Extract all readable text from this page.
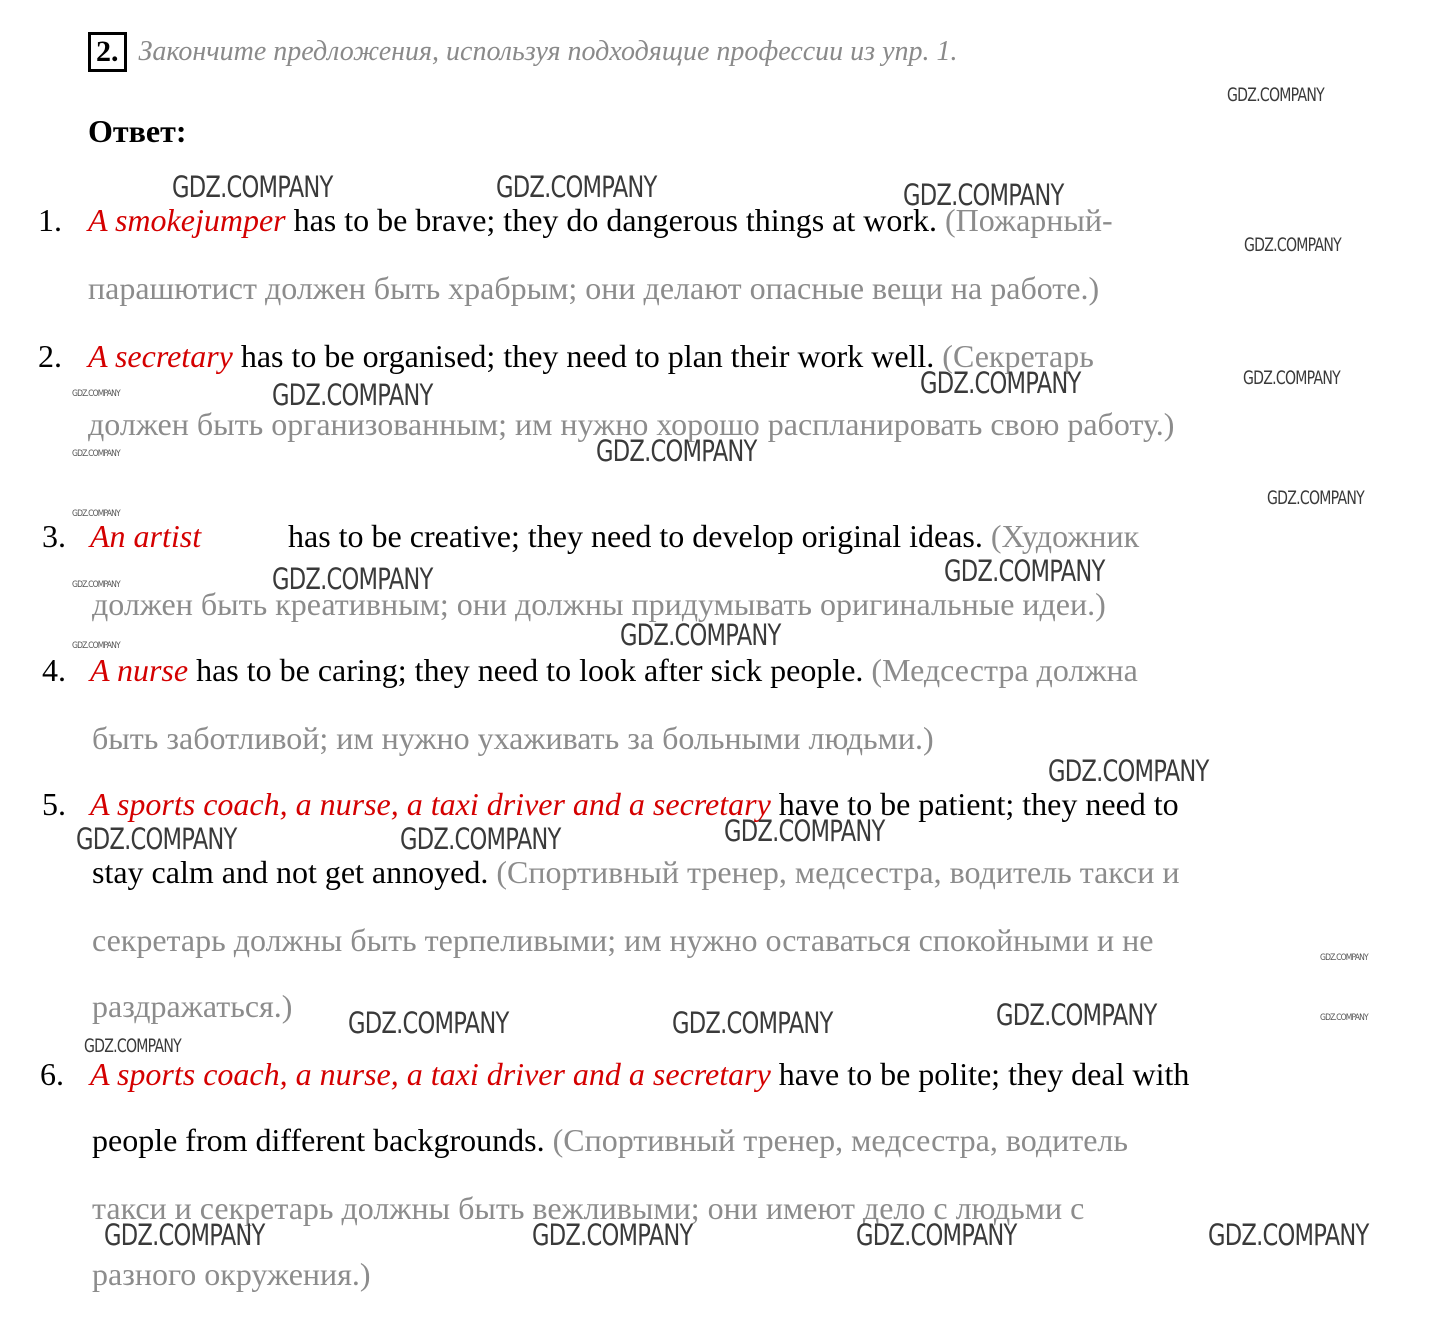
2. Закончите предложения, используя подходящие профессии из упр. 1.
Ответ:
1. A smokejumper has to be brave; they do dangerous things at work. (Пожарный-
парашютист должен быть храбрым; они делают опасные вещи на работе.)
2. A secretary has to be organised; they need to plan their work well. (Секретарь
должен быть организованным; им нужно хорошо распланировать свою работу.)
3. An artist	has to be creative; they need to develop original ideas. (Художник
должен быть креативным; они должны придумывать оригинальные идеи.)
4. A nurse has to be caring; they need to look after sick people. (Медсестра должна
быть заботливой; им нужно ухаживать за больными людьми.)
5. A sports coach, a nurse, a taxi driver and a secretary have to be patient; they need to
stay calm and not get annoyed. (Спортивный тренер, медсестра, водитель такси и
секретарь должны быть терпеливыми; им нужно оставаться спокойными и не
раздражаться.)
6. A sports coach, a nurse, a taxi driver and a secretary have to be polite; they deal with
people from different backgrounds. (Спортивный тренер, медсестра, водитель
такси и секретарь должны быть вежливыми; они имеют дело с людьми с
разного окружения.)
GDZ.COMPANY
GDZ.COMPANY	GDZ.COMPANY	GDZ.COMPANY
GDZ.COMPANY
GDZ.COMPANY	GDZ.COMPANY	GDZ.COMPANY
GDZ.COMPANY
GDZ.COMPANY	GDZ.COMPANY
GDZ.COMPANY
GDZ.COMPANY
GDZ.COMPANY	GDZ.COMPANY
GDZ.COMPANY
GDZ.COMPANY
GDZ.COMPANY
GDZ.COMPANY
GDZ.COMPANY	GDZ.COMPANY	GDZ.COMPANY
GDZ.COMPANY
GDZ.COMPANY	GDZ.COMPANY	GDZ.COMPANY	GDZ.COMPANY
GDZ.COMPANY
GDZ.COMPANY	GDZ.COMPANY	GDZ.COMPANY	GDZ.COMPANY
